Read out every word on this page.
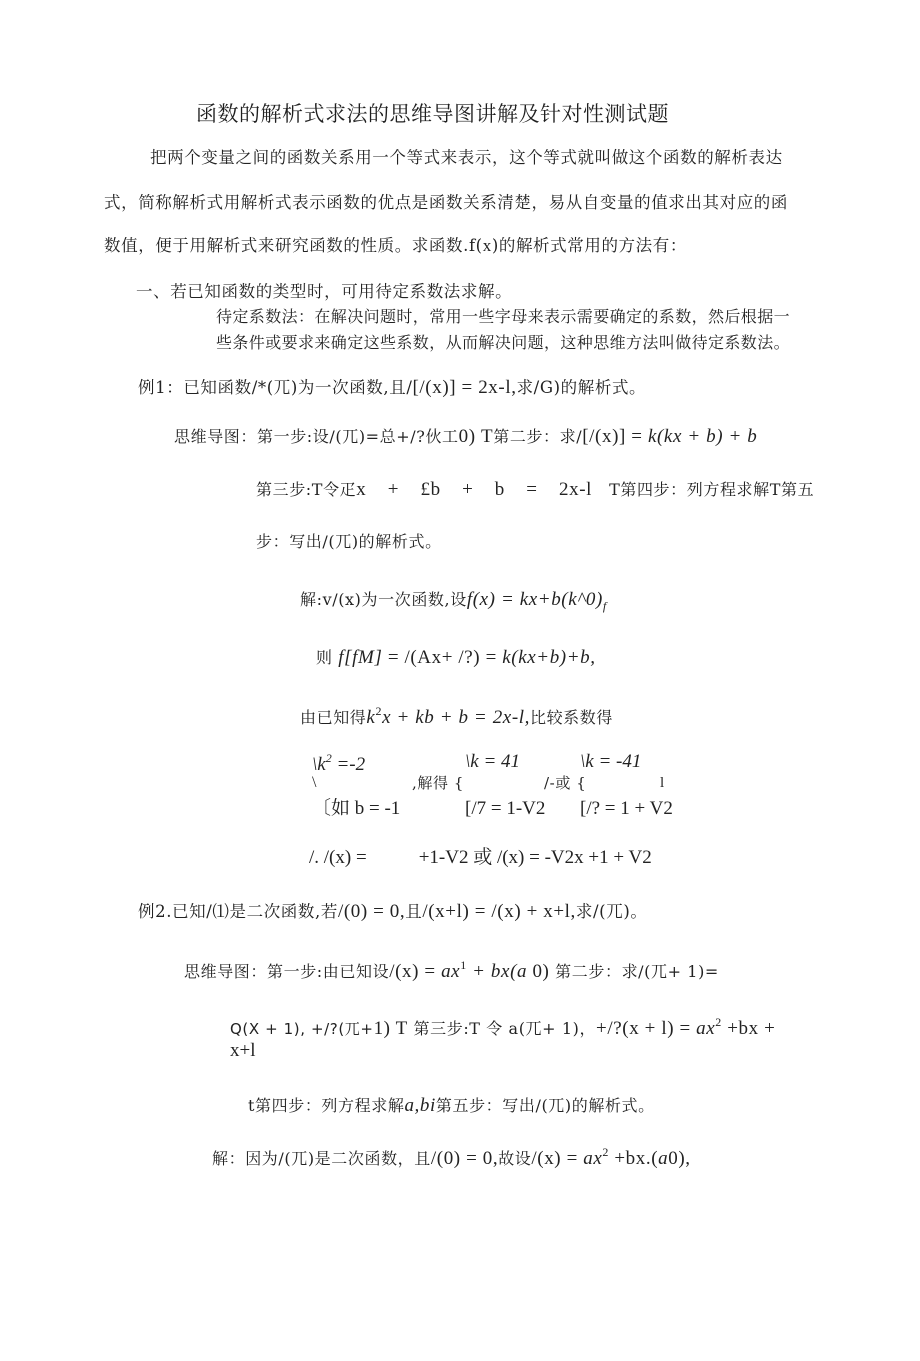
函数的解析式求法的思维导图讲解及针对性测试题
把两个变量之间的函数关系用一个等式来表示，这个等式就叫做这个函数的解析表达
式，简称解析式用解析式表示函数的优点是函数关系清楚，易从自变量的值求出其对应的函
数值，便于用解析式来研究函数的性质。求函数.f(x)的解析式常用的方法有：
一、若已知函数的类型时，可用待定系数法求解。
待定系数法：在解决问题时，常用一些字母来表示需要确定的系数，然后根据一
些条件或要求来确定这些系数，从而解决问题，这种思维方法叫做待定系数法。
例1：已知函数/*(兀)为一次函数,且/[/(x)] = 2x-l,求/G)的解析式。
思维导图：第一步:设/(兀)=总+/?伙工0) T第二步：求/[/(x)] = k(kx + b) + b
第三步:T令疋x    +    £b    +    b    =    2x-l   T第四步：列方程求解T第五
步：写出/(兀)的解析式。
解:v/(x)为一次函数,设$f(x) = kx+b(k\^{}0)_f$
则 f[fM] = /(Ax+ /?) = k(kx+b)+b,
由已知得$k^2x$ + kb + b = 2x-l,比较系数得
$\backslash k^2 =-2$	\k = 41	\k = -41
\	,解得 {	/-或 {	l
〔如 b = -1	[/7 = 1-V2 [/? = 1 + V2
/. /(x) =	+1-V2 或 /(x) = -V2x +1 + V2
例2.已知/⑴是二次函数,若/(0) = 0,且/(x+l) = /(x) + x+l,求/(兀)。
思维导图：第一步:由已知设$/(x) = ax^1 + bx(a$ 0) 第二步：求/(兀+ 1)=
Q(X + 1), +/?(兀+1) T 第三步:T 令 a(兀+ 1)，+/?(x + $l) = ax^2 +bx$ +
x+l
t第四步：列方程求解a,bi第五步：写出/(兀)的解析式。
解：因为/(兀)是二次函数，且/(0) = 0,故设$/(x) = ax^2 +bx.(a0)$,
